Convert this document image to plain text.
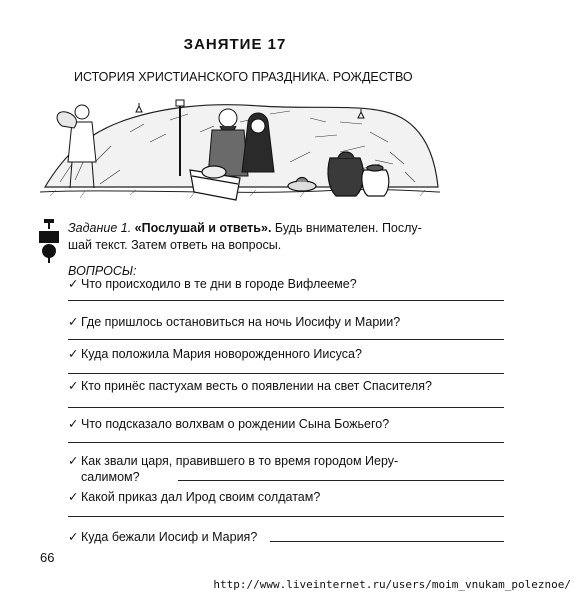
ЗАНЯТИЕ 17
ИСТОРИЯ ХРИСТИАНСКОГО ПРАЗДНИКА. РОЖДЕСТВО
Задание 1. «Послушай и ответь». Будь внимателен. Послу-
шай текст. Затем ответь на вопросы.
ВОПРОСЫ:
✓ Что происходило в те дни в городе Вифлееме?
✓ Где пришлось остановиться на ночь Иосифу и Марии?
✓ Куда положила Мария новорожденного Иисуса?
✓ Кто принёс пастухам весть о появлении на свет Спасителя?
✓ Что подсказало волхвам о рождении Сына Божьего?
✓ Как звали царя, правившего в то время городом Иеру-
салимом?
✓ Какой приказ дал Ирод своим солдатам?
✓ Куда бежали Иосиф и Мария?
66
http://www.liveinternet.ru/users/moim_vnukam_poleznoe/
